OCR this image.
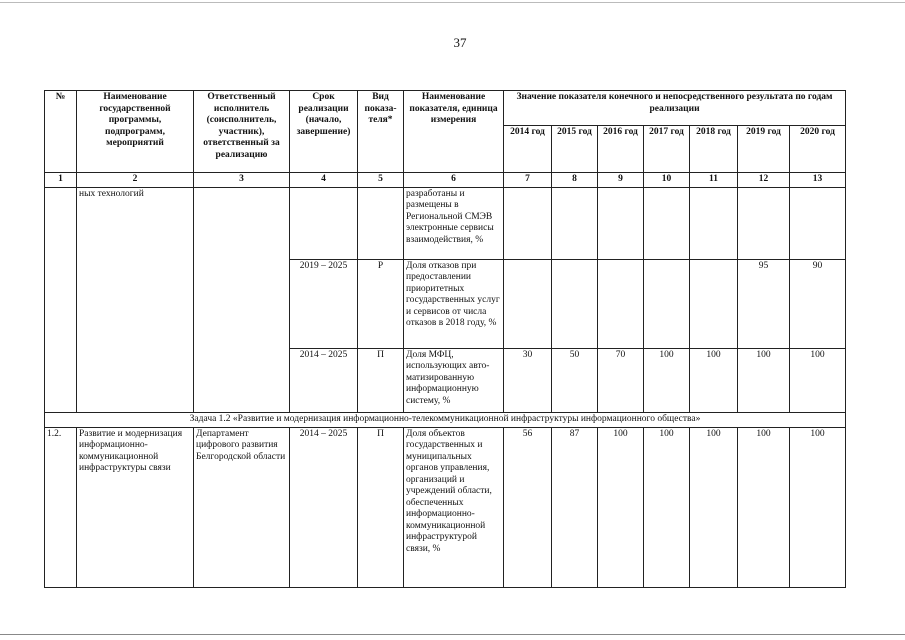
37
№	Наименование государственной программы, подпрограмм, мероприятий	Ответственный исполнитель (соисполнитель, участник), ответственный за реализацию	Срок реализации (начало, завершение)	Вид показа-теля*	Наименование показателя, единица измерения	Значение показателя конечного и непосредственного результата по годам реализации						
						2014 год	2015 год	2016 год	2017 год	2018 год	2019 год	2020 год
1	2	3	4	5	6	7	8	9	10	11	12	13
	ных технологий				разработаны и размещены в Региональной СМЭВ электронные сервисы взаимодействия, %							
			2019 – 2025	Р	Доля отказов при предоставлении приоритетных государственных услуг и сервисов от числа отказов в 2018 году, %						95	90
			2014 – 2025	П	Доля МФЦ, использующих авто-матизированную информационную систему, %	30	50	70	100	100	100	100
Задача 1.2 «Развитие и модернизация информационно-телекоммуникационной инфраструктуры информационного общества»												
1.2.	Развитие и модернизация информационно-коммуникационной инфраструктуры связи	Департамент цифрового развития Белгородской области	2014 – 2025	П	Доля объектов государственных и муниципальных органов управления, организаций и учреждений области, обеспеченных информационно-коммуникационной инфраструктурой связи, %	56	87	100	100	100	100	100
